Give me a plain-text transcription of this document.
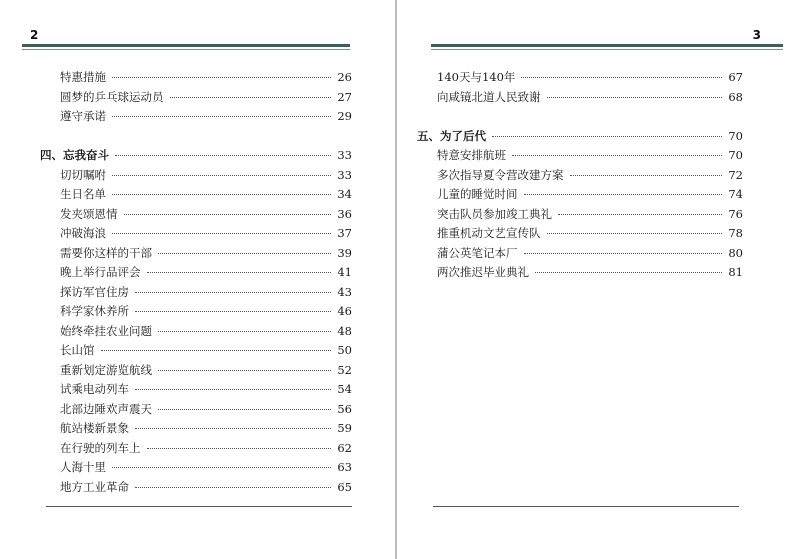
2
特惠措施	26
圆梦的乒乓球运动员	27
遵守承诺	29
四、忘我奋斗	33
切切嘱咐	33
生日名单	34
发夹颂恩情	36
冲破海浪	37
需要你这样的干部	39
晚上举行品评会	41
探访军官住房	43
科学家休养所	46
始终牵挂农业问题	48
长山馆	50
重新划定游览航线	52
试乘电动列车	54
北部边陲欢声震天	56
航站楼新景象	59
在行驶的列车上	62
人海十里	63
地方工业革命	65
3
140天与140年	67
向咸镜北道人民致谢	68
五、为了后代	70
特意安排航班	70
多次指导夏令营改建方案	72
儿童的睡觉时间	74
突击队员参加竣工典礼	76
推重机动文艺宣传队	78
蒲公英笔记本厂	80
两次推迟毕业典礼	81
